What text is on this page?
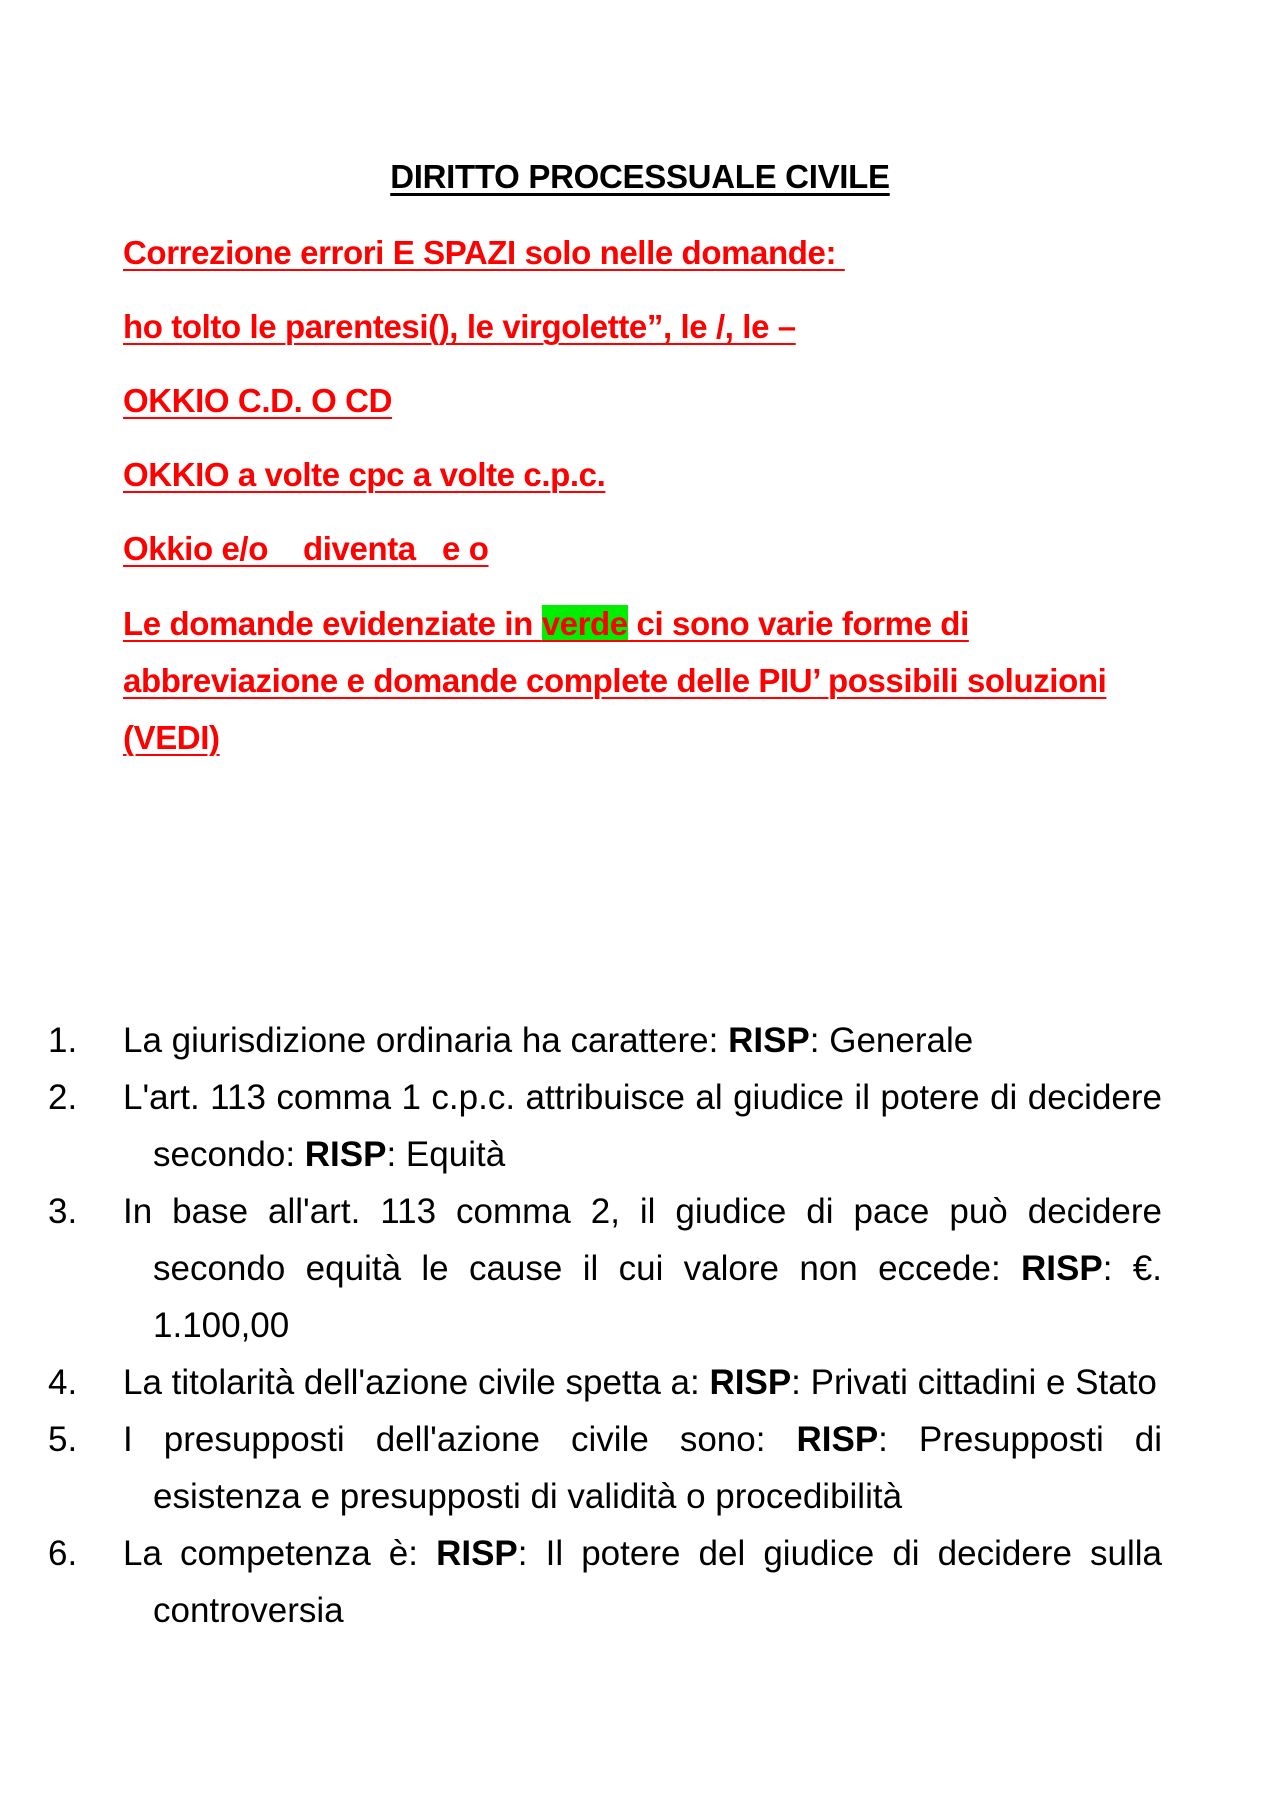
DIRITTO PROCESSUALE CIVILE

Correzione errori E SPAZI solo nelle domande:

ho tolto le parentesi(), le virgolette”, le /, le –

OKKIO C.D. O CD

OKKIO a volte cpc a volte c.p.c.

Okkio e/o    diventa   e o

Le domande evidenziate in verde ci sono varie forme di abbreviazione e domande complete delle PIU’ possibili soluzioni (VEDI)

1.	La giurisdizione ordinaria ha carattere: RISP: Generale
2.	L'art. 113 comma 1 c.p.c. attribuisce al giudice il potere di decidere secondo: RISP: Equità
3.	In base all'art. 113 comma 2, il giudice di pace può decidere secondo equità le cause il cui valore non eccede: RISP: €. 1.100,00
4.	La titolarità dell'azione civile spetta a: RISP: Privati cittadini e Stato
5.	I presupposti dell'azione civile sono: RISP: Presupposti di esistenza e presupposti di validità o procedibilità
6.	La competenza è: RISP: Il potere del giudice di decidere sulla controversia
